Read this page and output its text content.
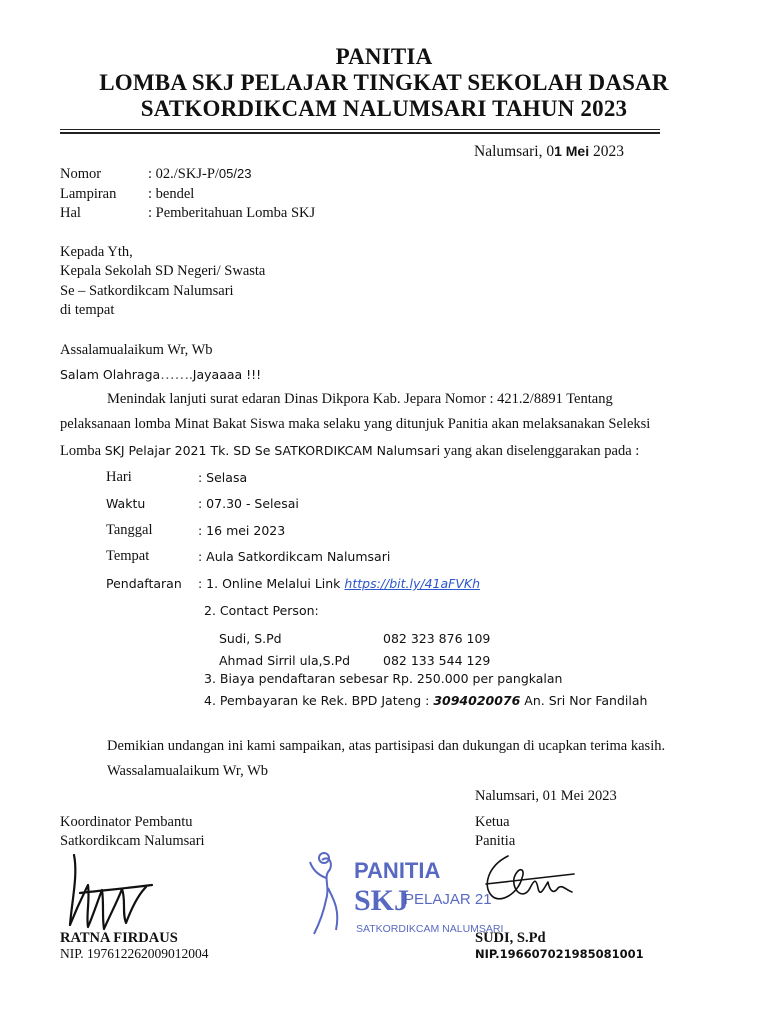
PANITIA
LOMBA SKJ PELAJAR TINGKAT SEKOLAH DASAR
SATKORDIKCAM NALUMSARI TAHUN 2023
Nalumsari, 01 Mei 2023
Nomor	: 02./SKJ-P/05/23
Lampiran : bendel
Hal	: Pemberitahuan Lomba SKJ
Kepada Yth,
Kepala Sekolah SD Negeri/ Swasta
Se – Satkordikcam Nalumsari
di tempat
Assalamualaikum Wr, Wb
Salam Olahraga…….Jayaaaa !!!
Menindak lanjuti surat edaran Dinas Dikpora Kab. Jepara Nomor : 421.2/8891 Tentang
pelaksanaan lomba Minat Bakat Siswa maka selaku yang ditunjuk Panitia akan melaksanakan Seleksi
Lomba SKJ Pelajar 2021 Tk. SD Se SATKORDIKCAM Nalumsari yang akan diselenggarakan pada :
Hari	: Selasa
Waktu	: 07.30 - Selesai
Tanggal	: 16 mei 2023
Tempat	: Aula Satkordikcam Nalumsari
Pendaftaran : 1. Online Melalui Link https://bit.ly/41aFVKh
2. Contact Person:
Sudi, S.Pd	082 323 876 109
Ahmad Sirril ula,S.Pd	082 133 544 129
3. Biaya pendaftaran sebesar Rp. 250.000 per pangkalan
4. Pembayaran ke Rek. BPD Jateng : 3094020076 An. Sri Nor Fandilah
Demikian undangan ini kami sampaikan, atas partisipasi dan dukungan di ucapkan terima kasih.
Wassalamualaikum Wr, Wb
Nalumsari, 01 Mei 2023
Koordinator Pembantu
Satkordikcam Nalumsari
RATNA FIRDAUS
NIP. 197612262009012004
Ketua
Panitia
SUDI, S.Pd
NIP.196607021985081001
PANITIA
SKJ
PELAJAR 21
SATKORDIKCAM NALUMSARI
